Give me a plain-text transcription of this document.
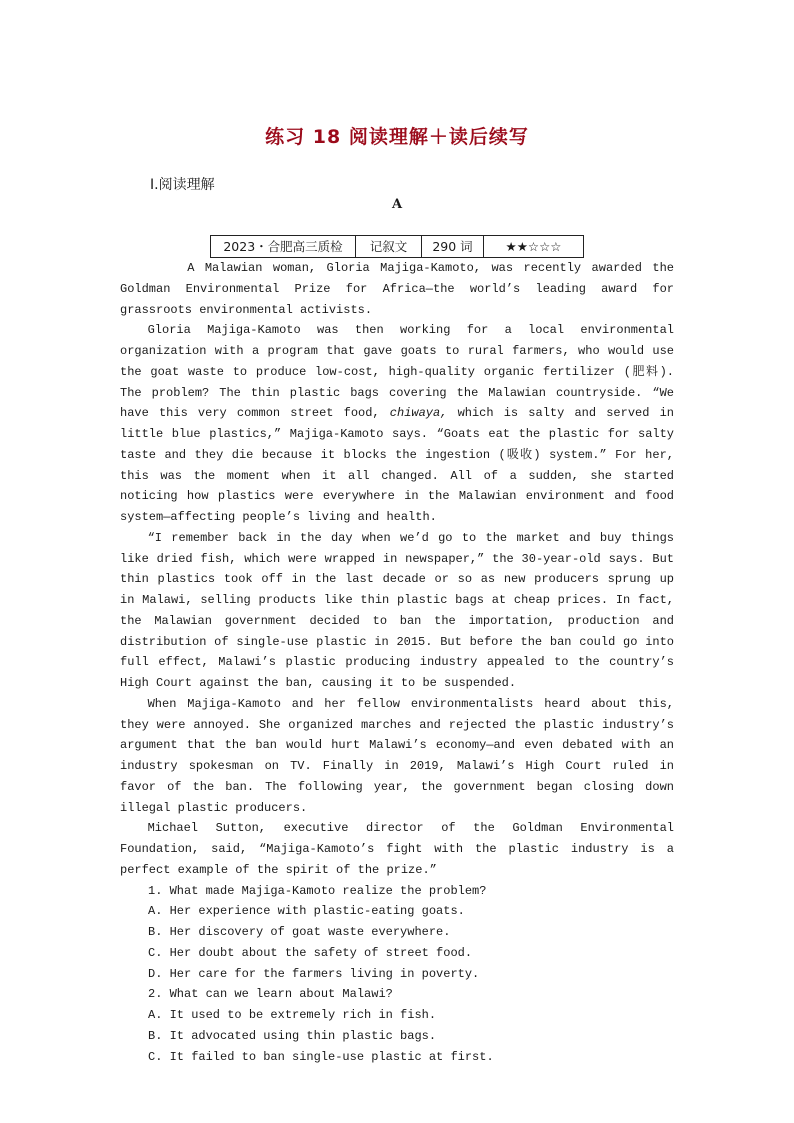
练习 18 阅读理解＋读后续写
Ⅰ.阅读理解
A
2023・合肥高三质检	记叙文	290 词	★★☆☆☆

A Malawian woman, Gloria Majiga-Kamoto, was recently awarded the Goldman Environmental Prize for Africa—the world’s leading award for grassroots environmental activists.

Gloria Majiga-Kamoto was then working for a local environmental organization with a program that gave goats to rural farmers, who would use the goat waste to produce low-cost, high-quality organic fertilizer (肥料). The problem? The thin plastic bags covering the Malawian countryside. “We have this very common street food, chiwaya, which is salty and served in little blue plastics,” Majiga-Kamoto says. “Goats eat the plastic for salty taste and they die because it blocks the ingestion (吸收) system.” For her, this was the moment when it all changed. All of a sudden, she started noticing how plastics were everywhere in the Malawian environment and food system—affecting people’s living and health.

“I remember back in the day when we’d go to the market and buy things like dried fish, which were wrapped in newspaper,” the 30-year-old says. But thin plastics took off in the last decade or so as new producers sprung up in Malawi, selling products like thin plastic bags at cheap prices. In fact, the Malawian government decided to ban the importation, production and distribution of single-use plastic in 2015. But before the ban could go into full effect, Malawi’s plastic producing industry appealed to the country’s High Court against the ban, causing it to be suspended.

When Majiga-Kamoto and her fellow environmentalists heard about this, they were annoyed. She organized marches and rejected the plastic industry’s argument that the ban would hurt Malawi’s economy—and even debated with an industry spokesman on TV. Finally in 2019, Malawi’s High Court ruled in favor of the ban. The following year, the government began closing down illegal plastic producers.

Michael Sutton, executive director of the Goldman Environmental Foundation, said, “Majiga-Kamoto’s fight with the plastic industry is a perfect example of the spirit of the prize.”

1. What made Majiga-Kamoto realize the problem?
A. Her experience with plastic-eating goats.
B. Her discovery of goat waste everywhere.
C. Her doubt about the safety of street food.
D. Her care for the farmers living in poverty.
2. What can we learn about Malawi?
A. It used to be extremely rich in fish.
B. It advocated using thin plastic bags.
C. It failed to ban single-use plastic at first.
